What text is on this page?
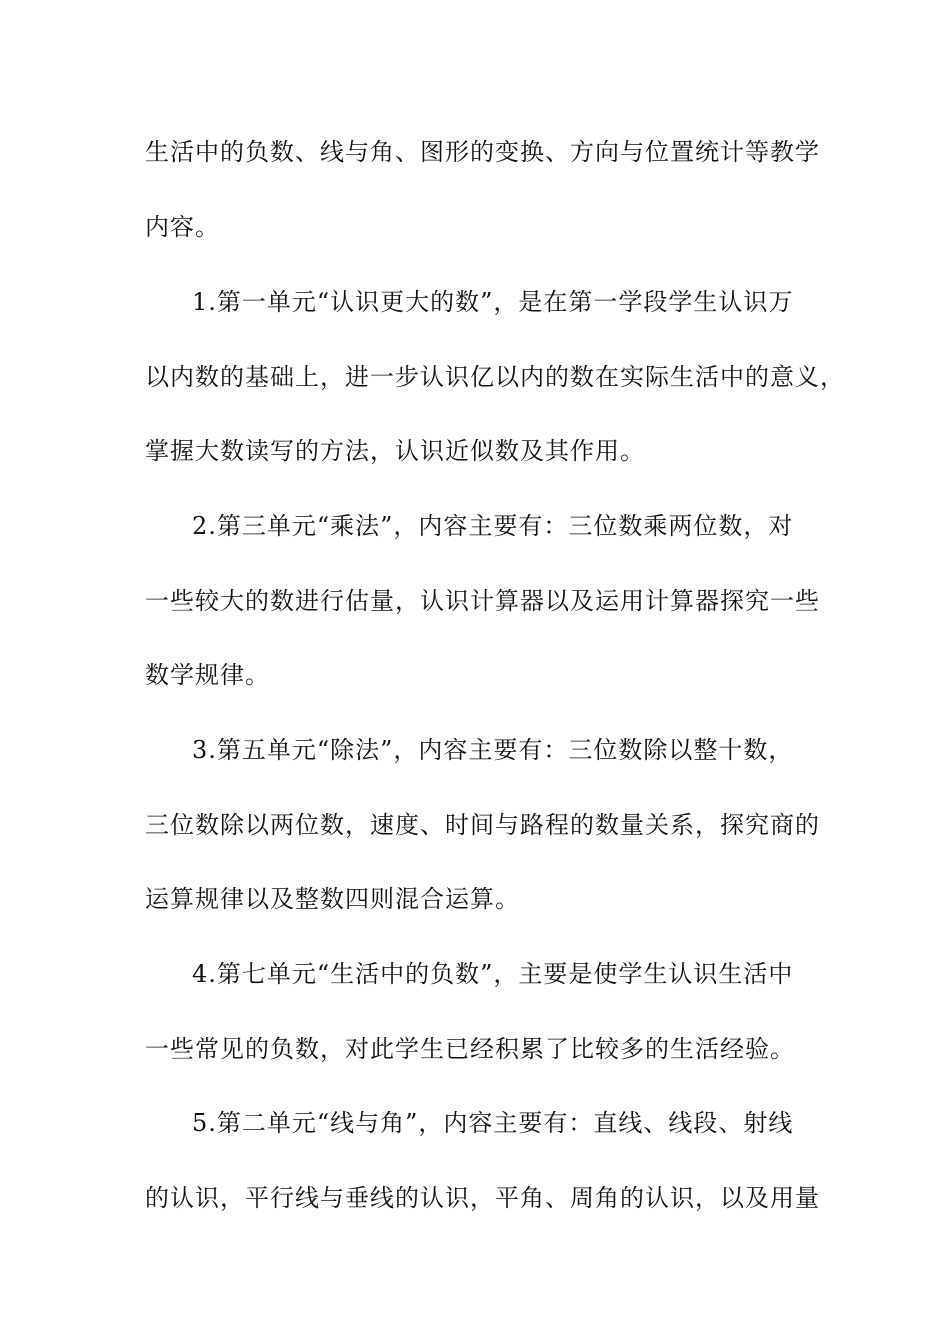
生活中的负数、线与角、图形的变换、方向与位置统计等教学
内容。
1.第一单元“认识更大的数”，是在第一学段学生认识万
以内数的基础上，进一步认识亿以内的数在实际生活中的意义，
掌握大数读写的方法，认识近似数及其作用。
2.第三单元“乘法”，内容主要有：三位数乘两位数，对
一些较大的数进行估量，认识计算器以及运用计算器探究一些
数学规律。
3.第五单元“除法”，内容主要有：三位数除以整十数，
三位数除以两位数，速度、时间与路程的数量关系，探究商的
运算规律以及整数四则混合运算。
4.第七单元“生活中的负数”，主要是使学生认识生活中
一些常见的负数，对此学生已经积累了比较多的生活经验。
5.第二单元“线与角”，内容主要有：直线、线段、射线
的认识，平行线与垂线的认识，平角、周角的认识，以及用量
